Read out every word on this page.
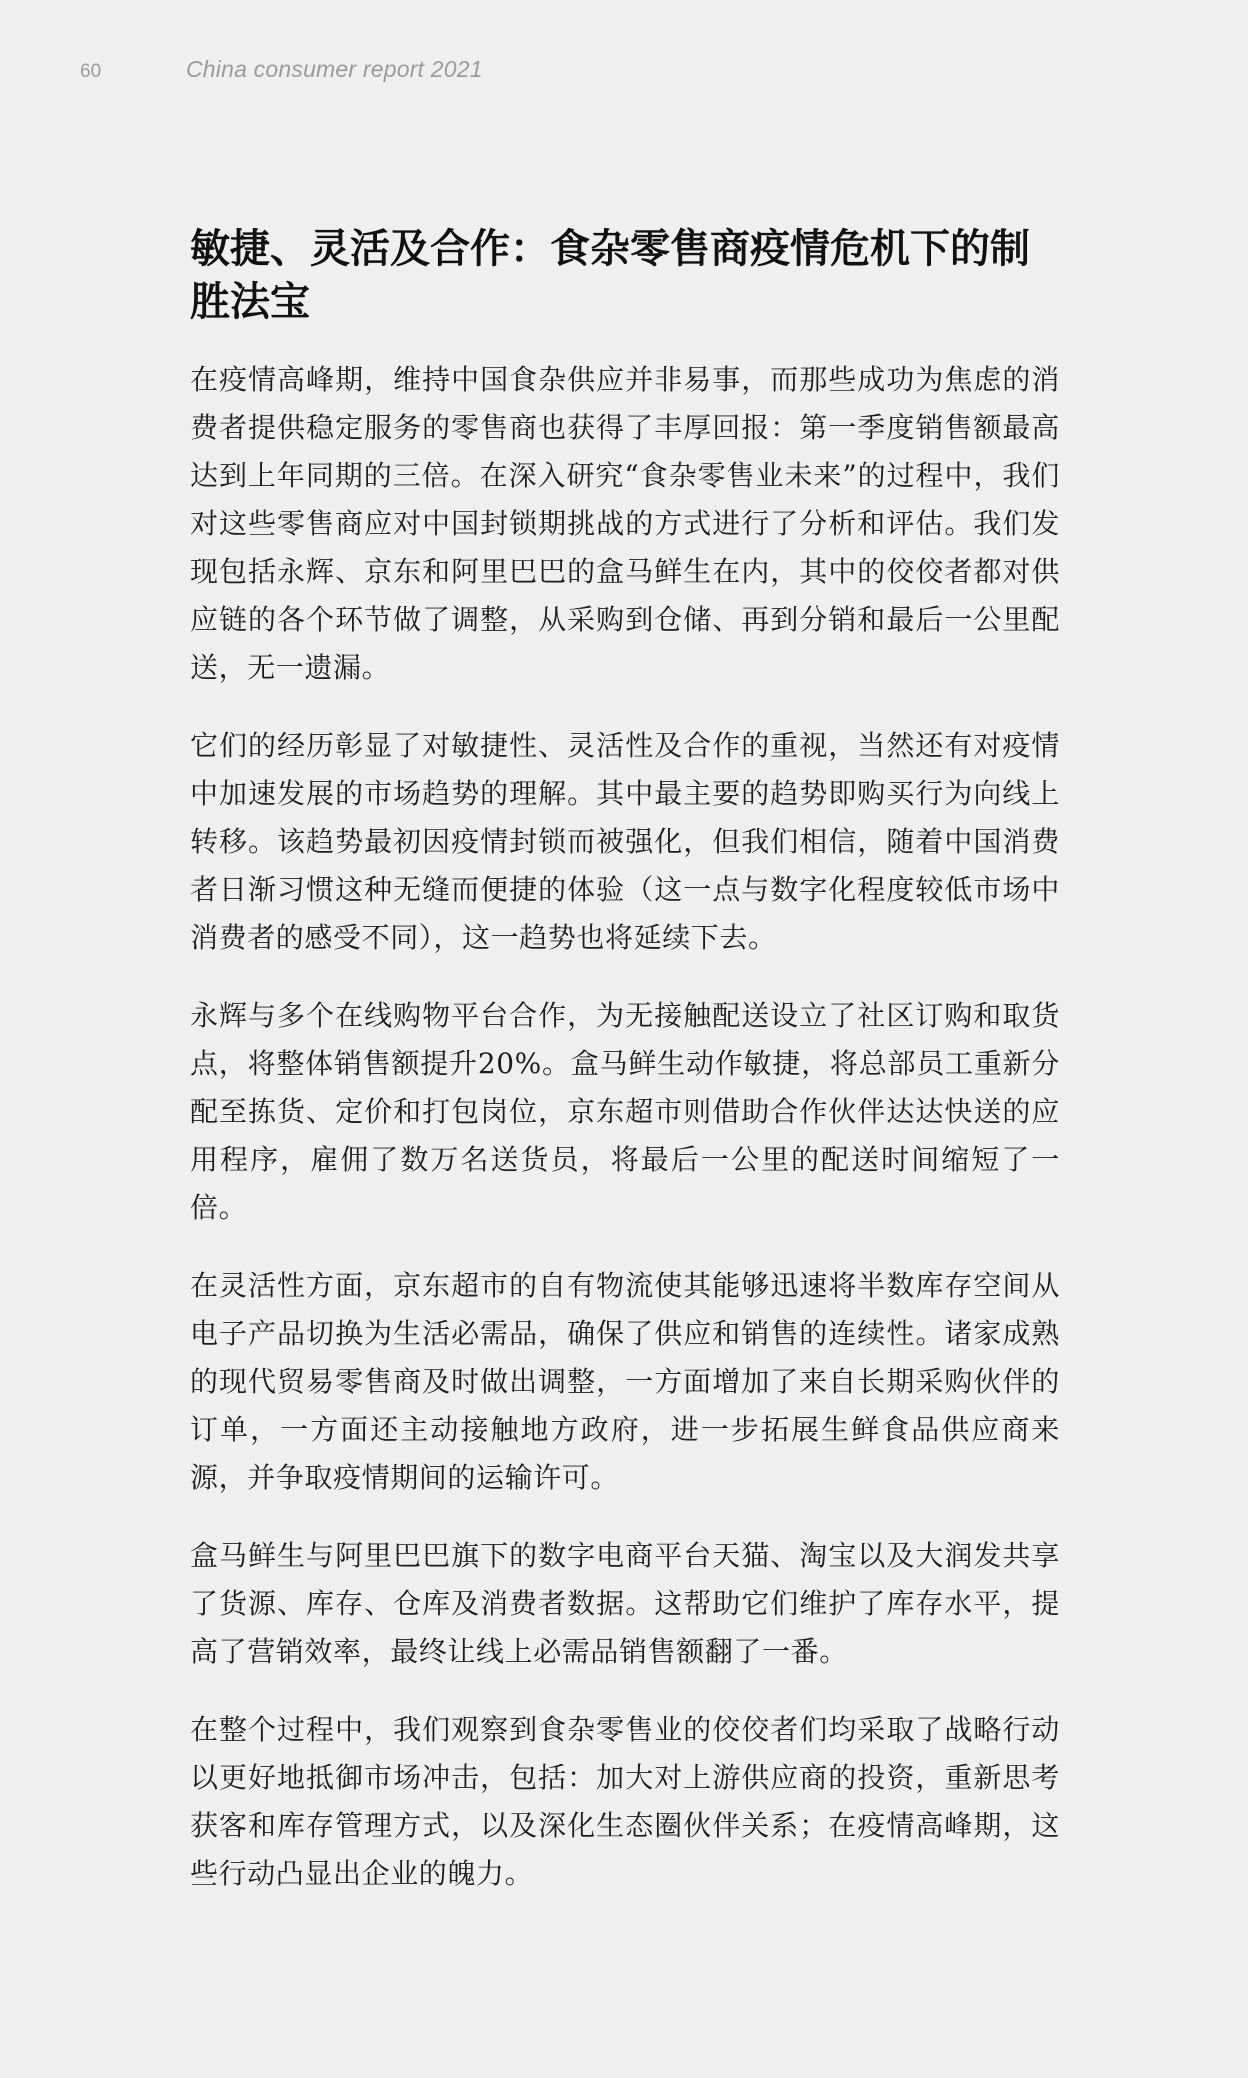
60	China consumer report 2021
敏捷、灵活及合作：食杂零售商疫情危机下的制胜法宝

在疫情高峰期，维持中国食杂供应并非易事，而那些成功为焦虑的消费者提供稳定服务的零售商也获得了丰厚回报：第一季度销售额最高达到上年同期的三倍。在深入研究“食杂零售业未来”的过程中，我们对这些零售商应对中国封锁期挑战的方式进行了分析和评估。我们发现包括永辉、京东和阿里巴巴的盒马鲜生在内，其中的佼佼者都对供应链的各个环节做了调整，从采购到仓储、再到分销和最后一公里配送，无一遗漏。

它们的经历彰显了对敏捷性、灵活性及合作的重视，当然还有对疫情中加速发展的市场趋势的理解。其中最主要的趋势即购买行为向线上转移。该趋势最初因疫情封锁而被强化，但我们相信，随着中国消费者日渐习惯这种无缝而便捷的体验（这一点与数字化程度较低市场中消费者的感受不同），这一趋势也将延续下去。

永辉与多个在线购物平台合作，为无接触配送设立了社区订购和取货点，将整体销售额提升20%。盒马鲜生动作敏捷，将总部员工重新分配至拣货、定价和打包岗位，京东超市则借助合作伙伴达达快送的应用程序，雇佣了数万名送货员，将最后一公里的配送时间缩短了一倍。

在灵活性方面，京东超市的自有物流使其能够迅速将半数库存空间从电子产品切换为生活必需品，确保了供应和销售的连续性。诸家成熟的现代贸易零售商及时做出调整，一方面增加了来自长期采购伙伴的订单，一方面还主动接触地方政府，进一步拓展生鲜食品供应商来源，并争取疫情期间的运输许可。

盒马鲜生与阿里巴巴旗下的数字电商平台天猫、淘宝以及大润发共享了货源、库存、仓库及消费者数据。这帮助它们维护了库存水平，提高了营销效率，最终让线上必需品销售额翻了一番。

在整个过程中，我们观察到食杂零售业的佼佼者们均采取了战略行动以更好地抵御市场冲击，包括：加大对上游供应商的投资，重新思考获客和库存管理方式，以及深化生态圈伙伴关系；在疫情高峰期，这些行动凸显出企业的魄力。
